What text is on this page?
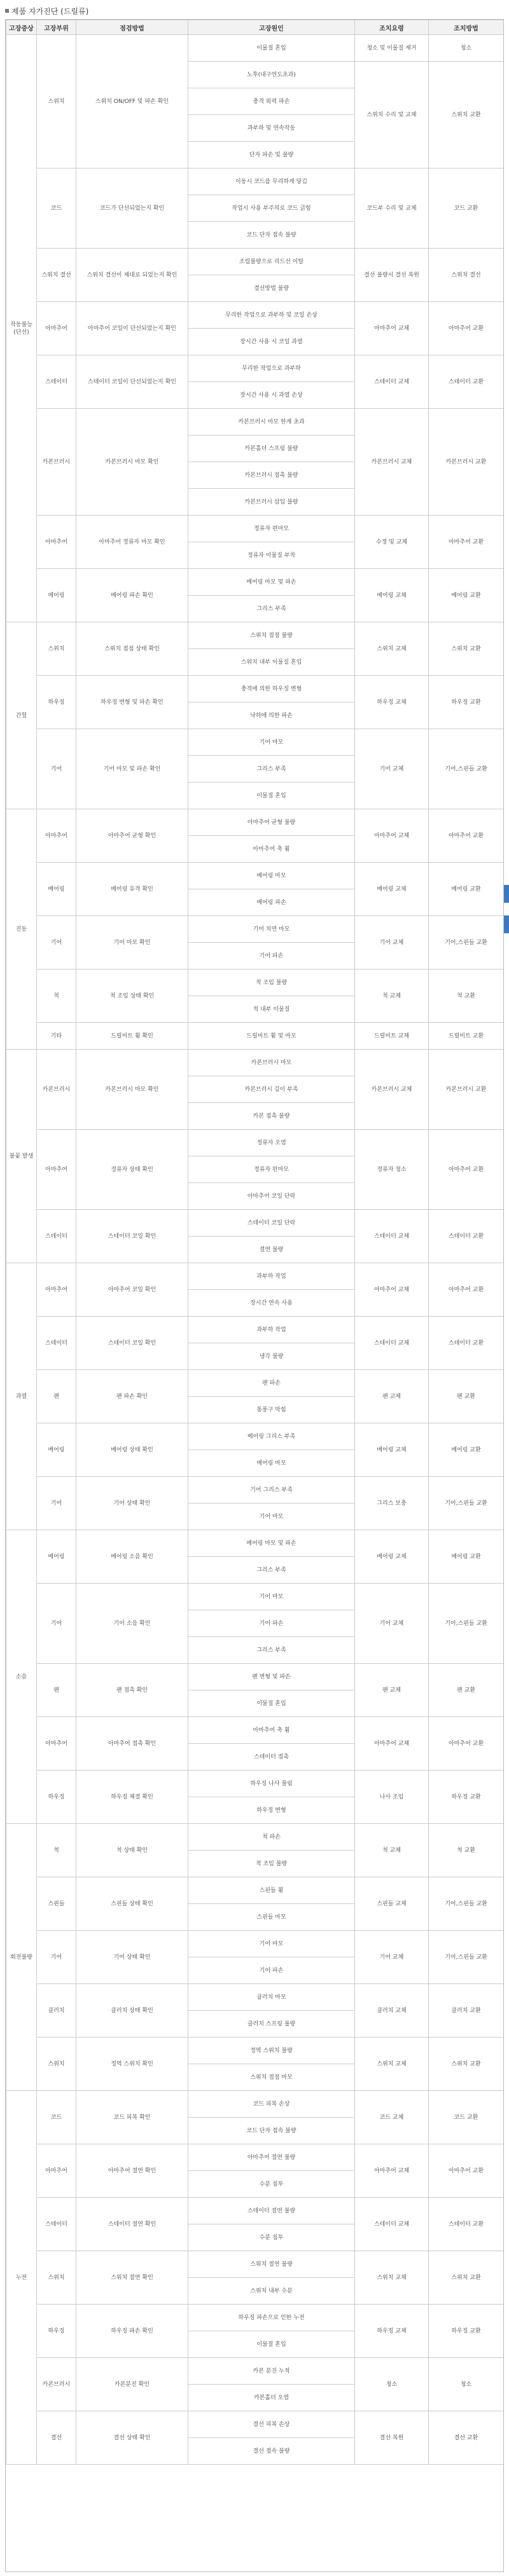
제품 자가진단 (드릴류)
고장증상	고장부위	점검방법	고장원인	조치요령	조치방법
작동불능 (단선)	스위치	스위치 ON/OFF 및 파손 확인	이물질 혼입	청소 및 이물질 제거	청소
			노후(내구연도초과)	스위치 수리 및 교체	스위치 교환
			충격 외력 파손		
			과부하 및 연속작동		
			단자 파손 및 불량		
	코드	코드가 단선되었는지 확인	이동시 코드를 무리하게 당김	코드부 수리 및 교체	코드 교환
			작업시 사용 부주의로 코드 긁힘		
			코드 단자 접속 불량		
	스위치 결선	스위치 결선이 제대로 되었는지 확인	조립불량으로 리드선 이탈	결선 불량시 결선 복원	스위치 결선
			결선방법 불량		
	아마추어	아마추어 코일이 단선되었는지 확인	무리한 작업으로 과부하 및 코일 손상	아마추어 교체	아마추어 교환
			장시간 사용 시 코일 과열		
	스테이터	스테이터 코일이 단선되었는지 확인	무리한 작업으로 과부하	스테이터 교체	스테이터 교환
			장시간 사용 시 과열 손상		
	카본브러시	카본브러시 마모 확인	카본브러시 마모 한계 초과	카본브러시 교체	카본브러시 교환
			카본홀더 스프링 불량		
			카본브러시 접촉 불량		
			카본브러시 삽입 불량		
	아마추어	아마추어 정류자 마모 확인	정류자 편마모	수정 및 교체	아마추어 교환
			정류자 이물질 부착		
	베어링	베어링 파손 확인	베어링 마모 및 파손	베어링 교체	베어링 교환
			그리스 부족		
간헐	스위치	스위치 접점 상태 확인	스위치 접점 불량	스위치 교체	스위치 교환
			스위치 내부 이물질 혼입		
	하우징	하우징 변형 및 파손 확인	충격에 의한 하우징 변형	하우징 교체	하우징 교환
			낙하에 의한 파손		
	기어	기어 마모 및 파손 확인	기어 마모	기어 교체	기어,스핀들 교환
			그리스 부족		
			이물질 혼입		
진동	아마추어	아마추어 균형 확인	아마추어 균형 불량	아마추어 교체	아마추어 교환
			아마추어 축 휨		
	베어링	베어링 유격 확인	베어링 마모	베어링 교체	베어링 교환
			베어링 파손		
	기어	기어 마모 확인	기어 치면 마모	기어 교체	기어,스핀들 교환
			기어 파손		
	척	척 조임 상태 확인	척 조임 불량	척 교체	척 교환
			척 내부 이물질		
	기타	드릴비트 휨 확인	드릴비트 휨 및 마모	드릴비트 교체	드릴비트 교환
불꽃 발생	카본브러시	카본브러시 마모 확인	카본브러시 마모	카본브러시 교체	카본브러시 교환
			카본브러시 길이 부족		
			카본 접촉 불량		
	아마추어	정류자 상태 확인	정류자 오염	정류자 청소	아마추어 교환
			정류자 편마모		
			아마추어 코일 단락		
	스테이터	스테이터 코일 확인	스테이터 코일 단락	스테이터 교체	스테이터 교환
			절연 불량		
과열	아마추어	아마추어 코일 확인	과부하 작업	아마추어 교체	아마추어 교환
			장시간 연속 사용		
	스테이터	스테이터 코일 확인	과부하 작업	스테이터 교체	스테이터 교환
			냉각 불량		
	팬	팬 파손 확인	팬 파손	팬 교체	팬 교환
			통풍구 막힘		
	베어링	베어링 상태 확인	베어링 그리스 부족	베어링 교체	베어링 교환
			베어링 마모		
	기어	기어 상태 확인	기어 그리스 부족	그리스 보충	기어,스핀들 교환
			기어 마모		
소음	베어링	베어링 소음 확인	베어링 마모 및 파손	베어링 교체	베어링 교환
			그리스 부족		
	기어	기어 소음 확인	기어 마모	기어 교체	기어,스핀들 교환
			기어 파손		
			그리스 부족		
	팬	팬 접촉 확인	팬 변형 및 파손	팬 교체	팬 교환
			이물질 혼입		
	아마추어	아마추어 접촉 확인	아마추어 축 휨	아마추어 교체	아마추어 교환
			스테이터 접촉		
	하우징	하우징 체결 확인	하우징 나사 풀림	나사 조임	하우징 교환
			하우징 변형		
회전불량	척	척 상태 확인	척 파손	척 교체	척 교환
			척 조임 불량		
	스핀들	스핀들 상태 확인	스핀들 휨	스핀들 교체	기어,스핀들 교환
			스핀들 마모		
	기어	기어 상태 확인	기어 마모	기어 교체	기어,스핀들 교환
			기어 파손		
	클러치	클러치 상태 확인	클러치 마모	클러치 교체	클러치 교환
			클러치 스프링 불량		
	스위치	정역 스위치 확인	정역 스위치 불량	스위치 교체	스위치 교환
			스위치 접점 마모		
누전	코드	코드 피복 확인	코드 피복 손상	코드 교체	코드 교환
			코드 단자 접속 불량		
	아마추어	아마추어 절연 확인	아마추어 절연 불량	아마추어 교체	아마추어 교환
			수분 침투		
	스테이터	스테이터 절연 확인	스테이터 절연 불량	스테이터 교체	스테이터 교환
			수분 침투		
	스위치	스위치 절연 확인	스위치 절연 불량	스위치 교체	스위치 교환
			스위치 내부 수분		
	하우징	하우징 파손 확인	하우징 파손으로 인한 누전	하우징 교체	하우징 교환
			이물질 혼입		
	카본브러시	카본분진 확인	카본 분진 누적	청소	청소
			카본홀더 오염		
	결선	결선 상태 확인	결선 피복 손상	결선 복원	결선 교환
			결선 접속 불량		
